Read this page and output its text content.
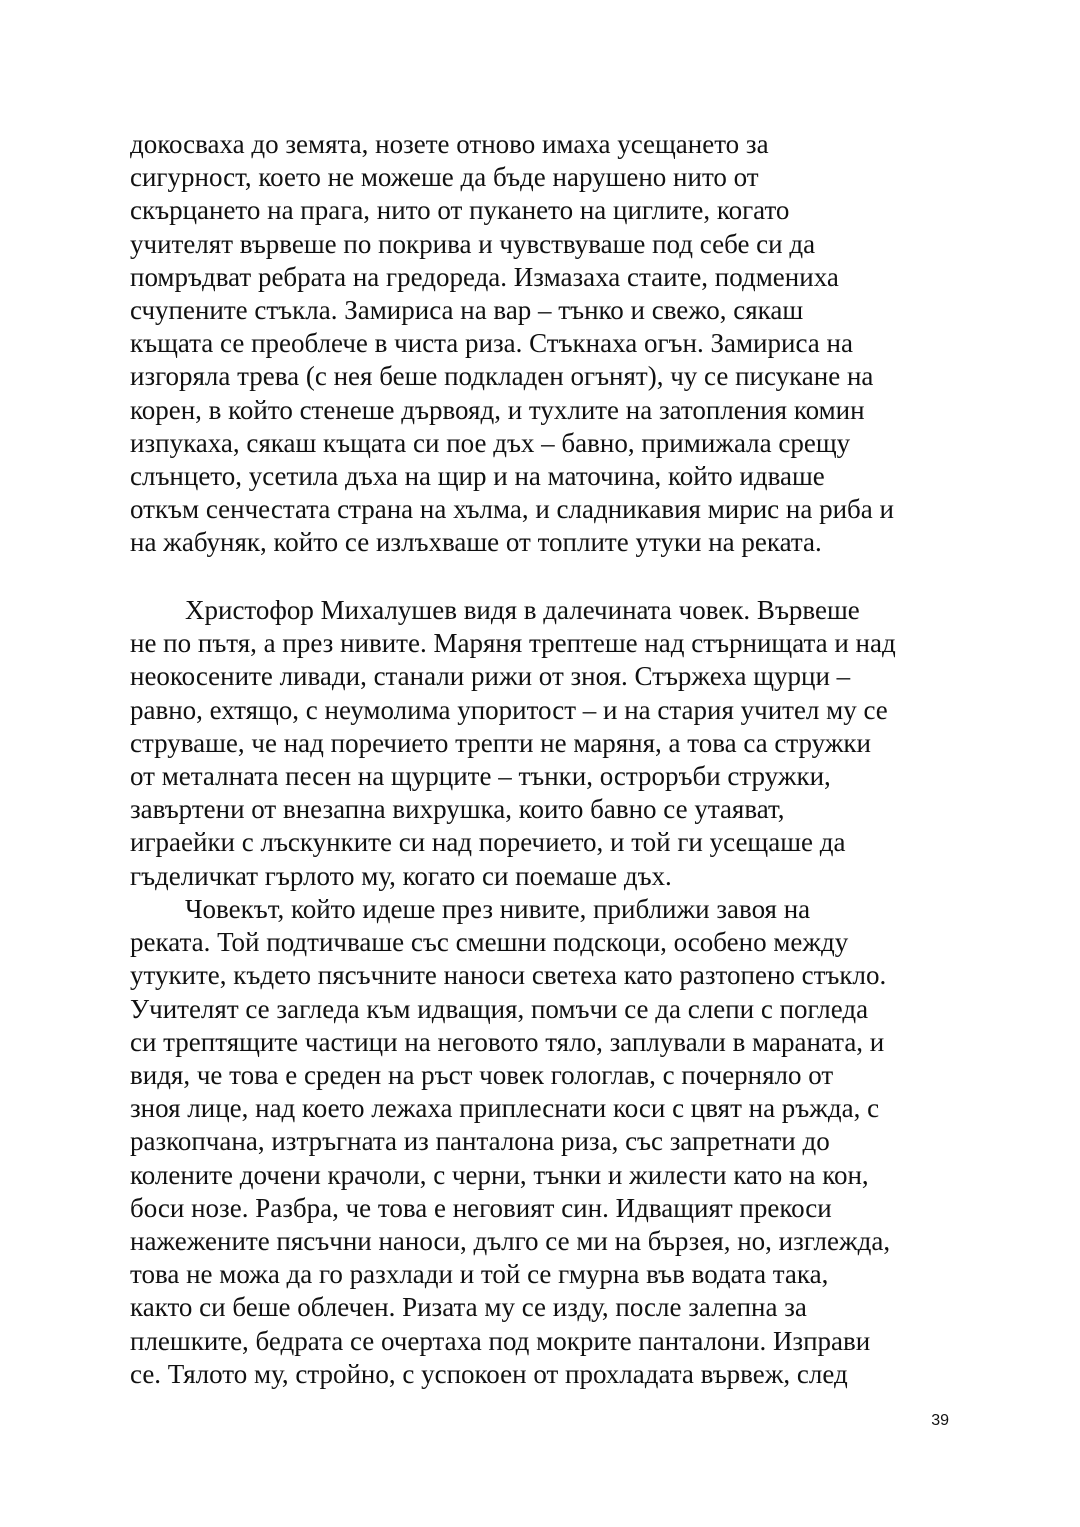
докосваха до земята, нозете отново имаха усещането за
сигурност, което не можеше да бъде нарушено нито от
скърцането на прага, нито от пукането на циглите, когато
учителят вървеше по покрива и чувствуваше под себе си да
помръдват ребрата на гредореда. Измазаха стаите, подмениха
счупените стъкла. Замириса на вар – тънко и свежо, сякаш
къщата се преоблече в чиста риза. Стъкнаха огън. Замириса на
изгоряла трева (с нея беше подкладен огънят), чу се писукане на
корен, в който стенеше дървояд, и тухлите на затопления комин
изпукаха, сякаш къщата си пое дъх – бавно, примижала срещу
слънцето, усетила дъха на щир и на маточина, който идваше
откъм сенчестата страна на хълма, и сладникавия мирис на риба и
на жабуняк, който се излъхваше от топлите утуки на реката.
Христофор Михалушев видя в далечината човек. Вървеше
не по пътя, а през нивите. Маряня трептеше над стърнищата и над
неокосените ливади, станали рижи от зноя. Стържеха щурци –
равно, ехтящо, с неумолима упоритост – и на стария учител му се
струваше, че над поречието трепти не маряня, а това са стружки
от металната песен на щурците – тънки, остроръби стружки,
завъртени от внезапна вихрушка, които бавно се утаяват,
играейки с лъскунките си над поречието, и той ги усещаше да
гъделичкат гърлото му, когато си поемаше дъх.
Човекът, който идеше през нивите, приближи завоя на
реката. Той подтичваше със смешни подскоци, особено между
утуките, където пясъчните наноси светеха като разтопено стъкло.
Учителят се загледа към идващия, помъчи се да слепи с погледа
си трептящите частици на неговото тяло, заплували в мараната, и
видя, че това е среден на ръст човек гологлав, с почерняло от
зноя лице, над което лежаха приплеснати коси с цвят на ръжда, с
разкопчана, изтръгната из панталона риза, със запретнати до
колените дочени крачоли, с черни, тънки и жилести като на кон,
боси нозе. Разбра, че това е неговият син. Идващият прекоси
нажежените пясъчни наноси, дълго се ми на бързея, но, изглежда,
това не можа да го разхлади и той се гмурна във водата така,
както си беше облечен. Ризата му се изду, после залепна за
плешките, бедрата се очертаха под мокрите панталони. Изправи
се. Тялото му, стройно, с успокоен от прохладата вървеж, след
39
